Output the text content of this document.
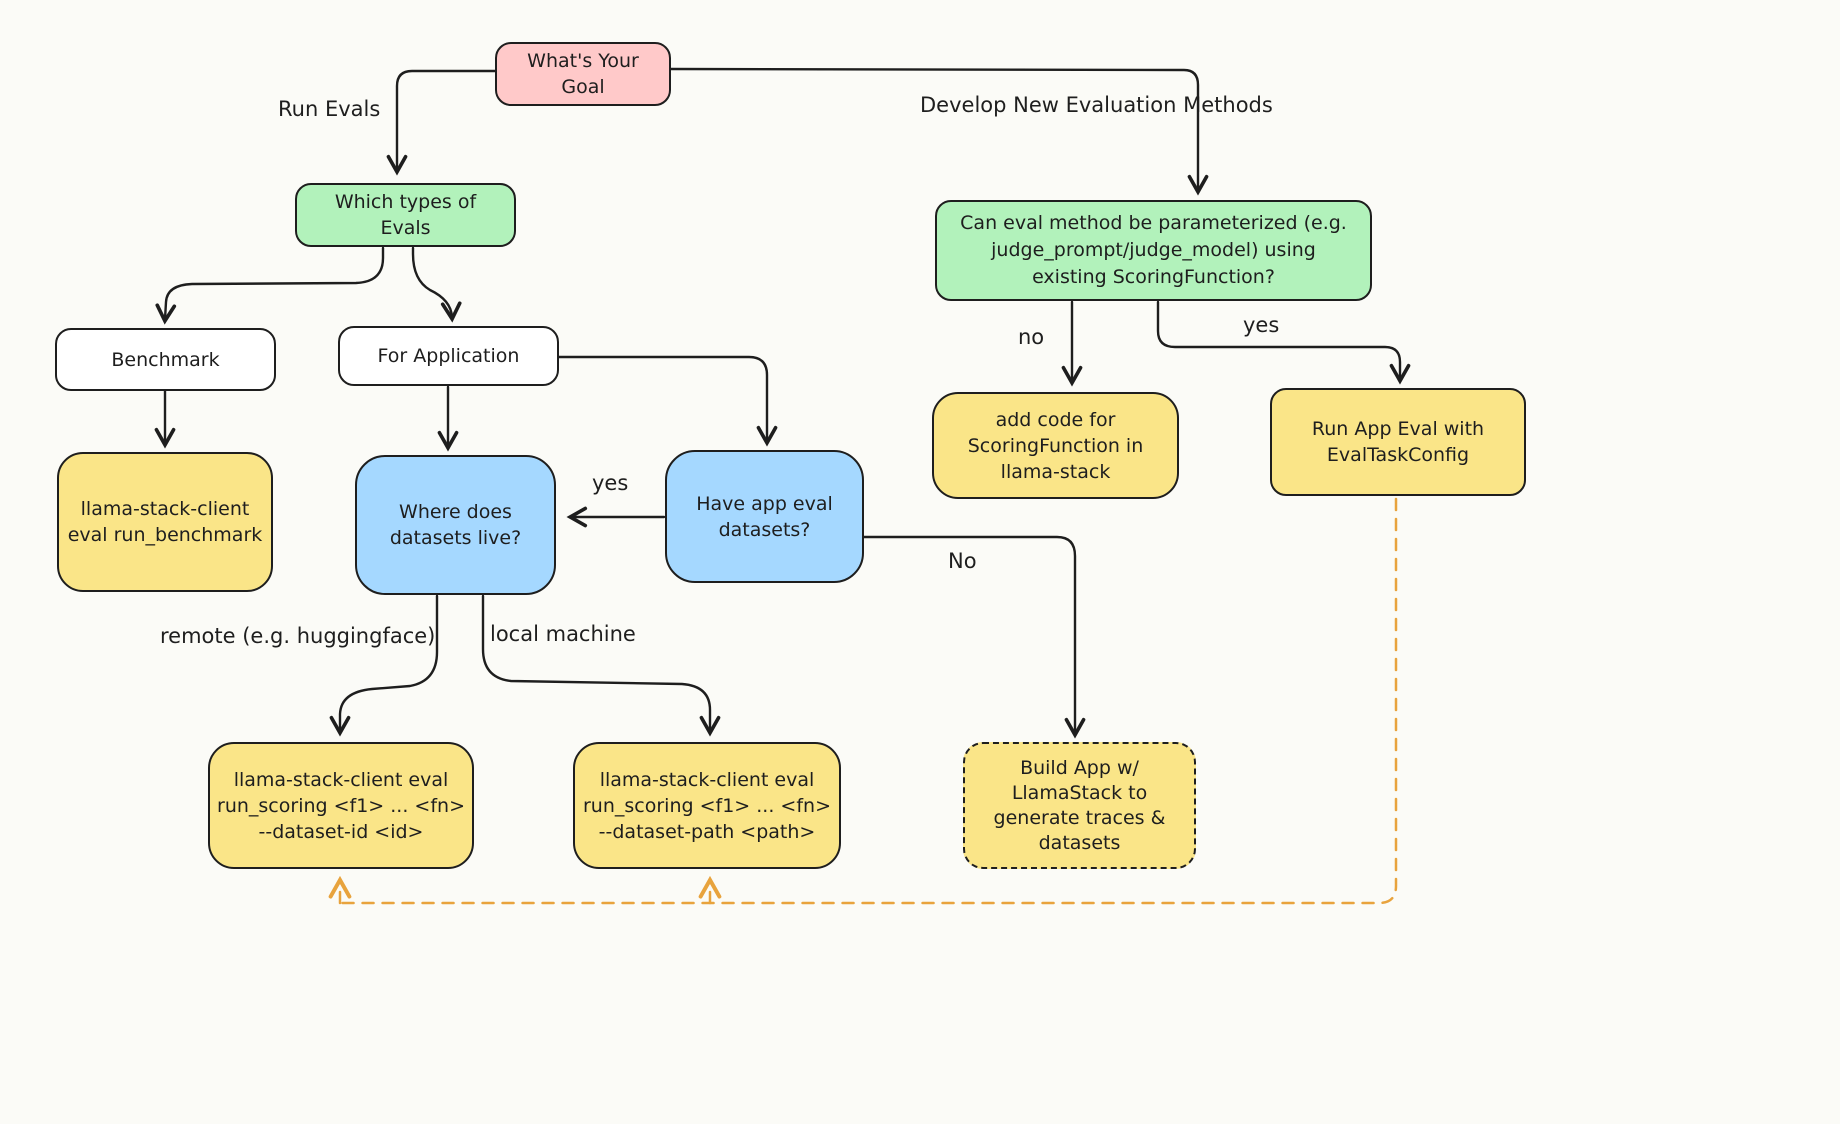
What's Your
Goal
Which types of
Evals
Benchmark	For Application
llama-stack-client
eval run_benchmark
Where does
datasets live?
Have app eval
datasets?
Can eval method be parameterized (e.g.
judge_prompt/judge_model) using
existing ScoringFunction?
add code for
ScoringFunction in
llama-stack
Run App Eval with
EvalTaskConfig
llama-stack-client eval
run_scoring <f1> ... <fn>
--dataset-id <id>
llama-stack-client eval
run_scoring <f1> ... <fn>
--dataset-path <path>
Build App w/
LlamaStack to
generate traces &
datasets
Run Evals	Develop New Evaluation Methods
no	yes
yes
No
remote (e.g. huggingface)	local machine
